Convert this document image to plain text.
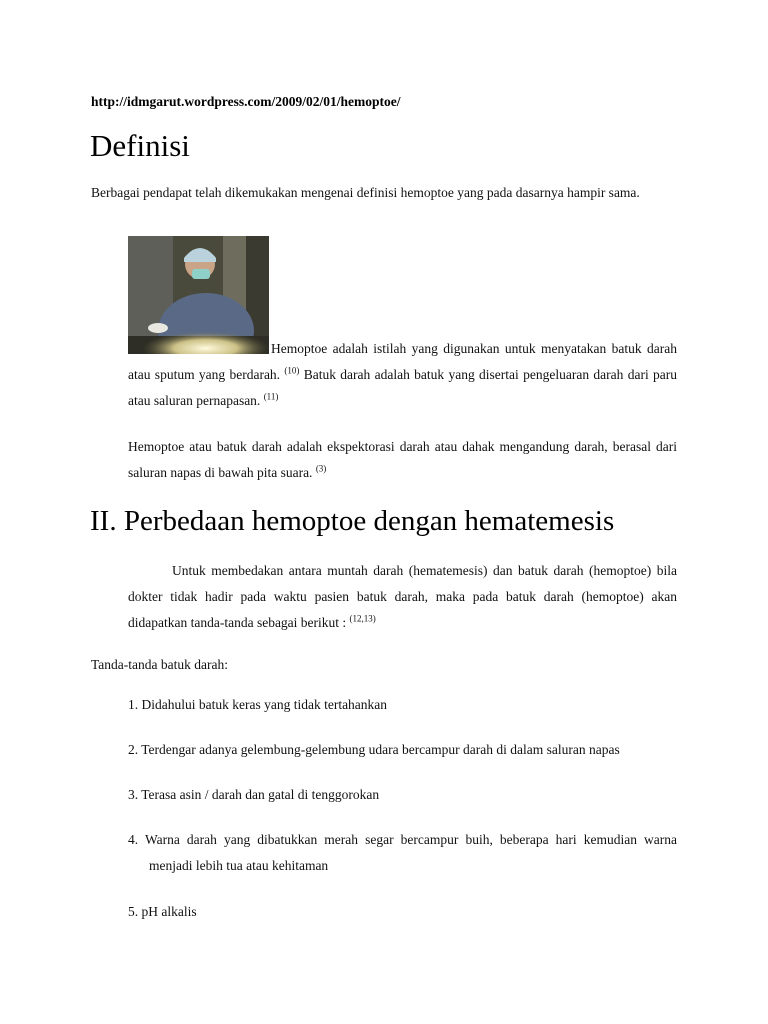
http://idmgarut.wordpress.com/2009/02/01/hemoptoe/
Definisi

Berbagai pendapat telah dikemukakan mengenai definisi hemoptoe yang pada dasarnya hampir sama.

Hemoptoe adalah istilah yang digunakan untuk menyatakan batuk darah atau sputum yang berdarah. $^{(10)}$ Batuk darah adalah batuk yang disertai pengeluaran darah dari paru atau saluran pernapasan. $^{(11)}$

Hemoptoe atau batuk darah adalah ekspektorasi darah atau dahak mengandung darah, berasal dari saluran napas di bawah pita suara. $^{(3)}$

II. Perbedaan hemoptoe dengan hematemesis

Untuk membedakan antara muntah darah (hematemesis) dan batuk darah (hemoptoe) bila dokter tidak hadir pada waktu pasien batuk darah, maka pada batuk darah (hemoptoe) akan didapatkan tanda-tanda sebagai berikut : $^{(12,13)}$

Tanda-tanda batuk darah:

1. Didahului batuk keras yang tidak tertahankan

2. Terdengar adanya gelembung-gelembung udara bercampur darah di dalam saluran napas

3. Terasa asin / darah dan gatal di tenggorokan

4. Warna darah yang dibatukkan merah segar bercampur buih, beberapa hari kemudian warna menjadi lebih tua atau kehitaman

5. pH alkalis
